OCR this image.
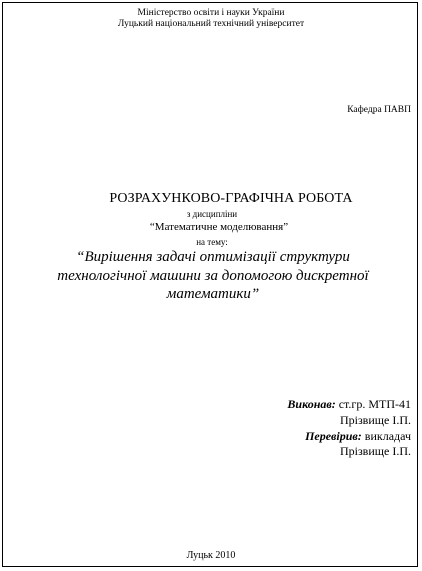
Міністерство освіти і науки України
Луцький національний технічний університет
Кафедра ПАВП
РОЗРАХУНКОВО-ГРАФІЧНА РОБОТА
з дисципліни
“Математичне моделювання”
на тему:
“Вирішення задачі оптимізації структури технологічної машини за допомогою дискретної математики”
Виконав: ст.гр. МТП-41
Прізвище І.П.
Перевірив: викладач
Прізвище І.П.
Луцьк 2010
